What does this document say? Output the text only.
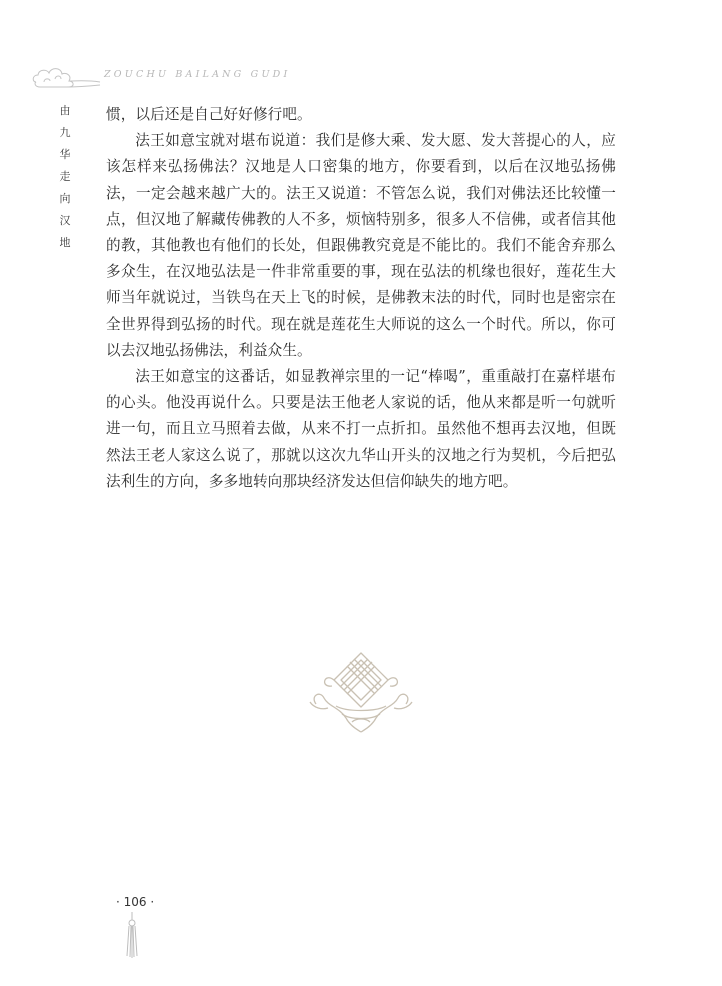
ZOUCHU BAILANG GUDI
由
九
华
走
向
汉
地

惯，以后还是自己好好修行吧。

法王如意宝就对堪布说道：我们是修大乘、发大愿、发大菩提心的人，应该怎样来弘扬佛法？汉地是人口密集的地方，你要看到，以后在汉地弘扬佛法，一定会越来越广大的。法王又说道：不管怎么说，我们对佛法还比较懂一点，但汉地了解藏传佛教的人不多，烦恼特别多，很多人不信佛，或者信其他的教，其他教也有他们的长处，但跟佛教究竟是不能比的。我们不能舍弃那么多众生，在汉地弘法是一件非常重要的事，现在弘法的机缘也很好，莲花生大师当年就说过，当铁鸟在天上飞的时候，是佛教末法的时代，同时也是密宗在全世界得到弘扬的时代。现在就是莲花生大师说的这么一个时代。所以，你可以去汉地弘扬佛法，利益众生。

法王如意宝的这番话，如显教禅宗里的一记“棒喝”，重重敲打在嘉样堪布的心头。他没再说什么。只要是法王他老人家说的话，他从来都是听一句就听进一句，而且立马照着去做，从来不打一点折扣。虽然他不想再去汉地，但既然法王老人家这么说了，那就以这次九华山开头的汉地之行为契机，今后把弘法利生的方向，多多地转向那块经济发达但信仰缺失的地方吧。

· 106 ·
